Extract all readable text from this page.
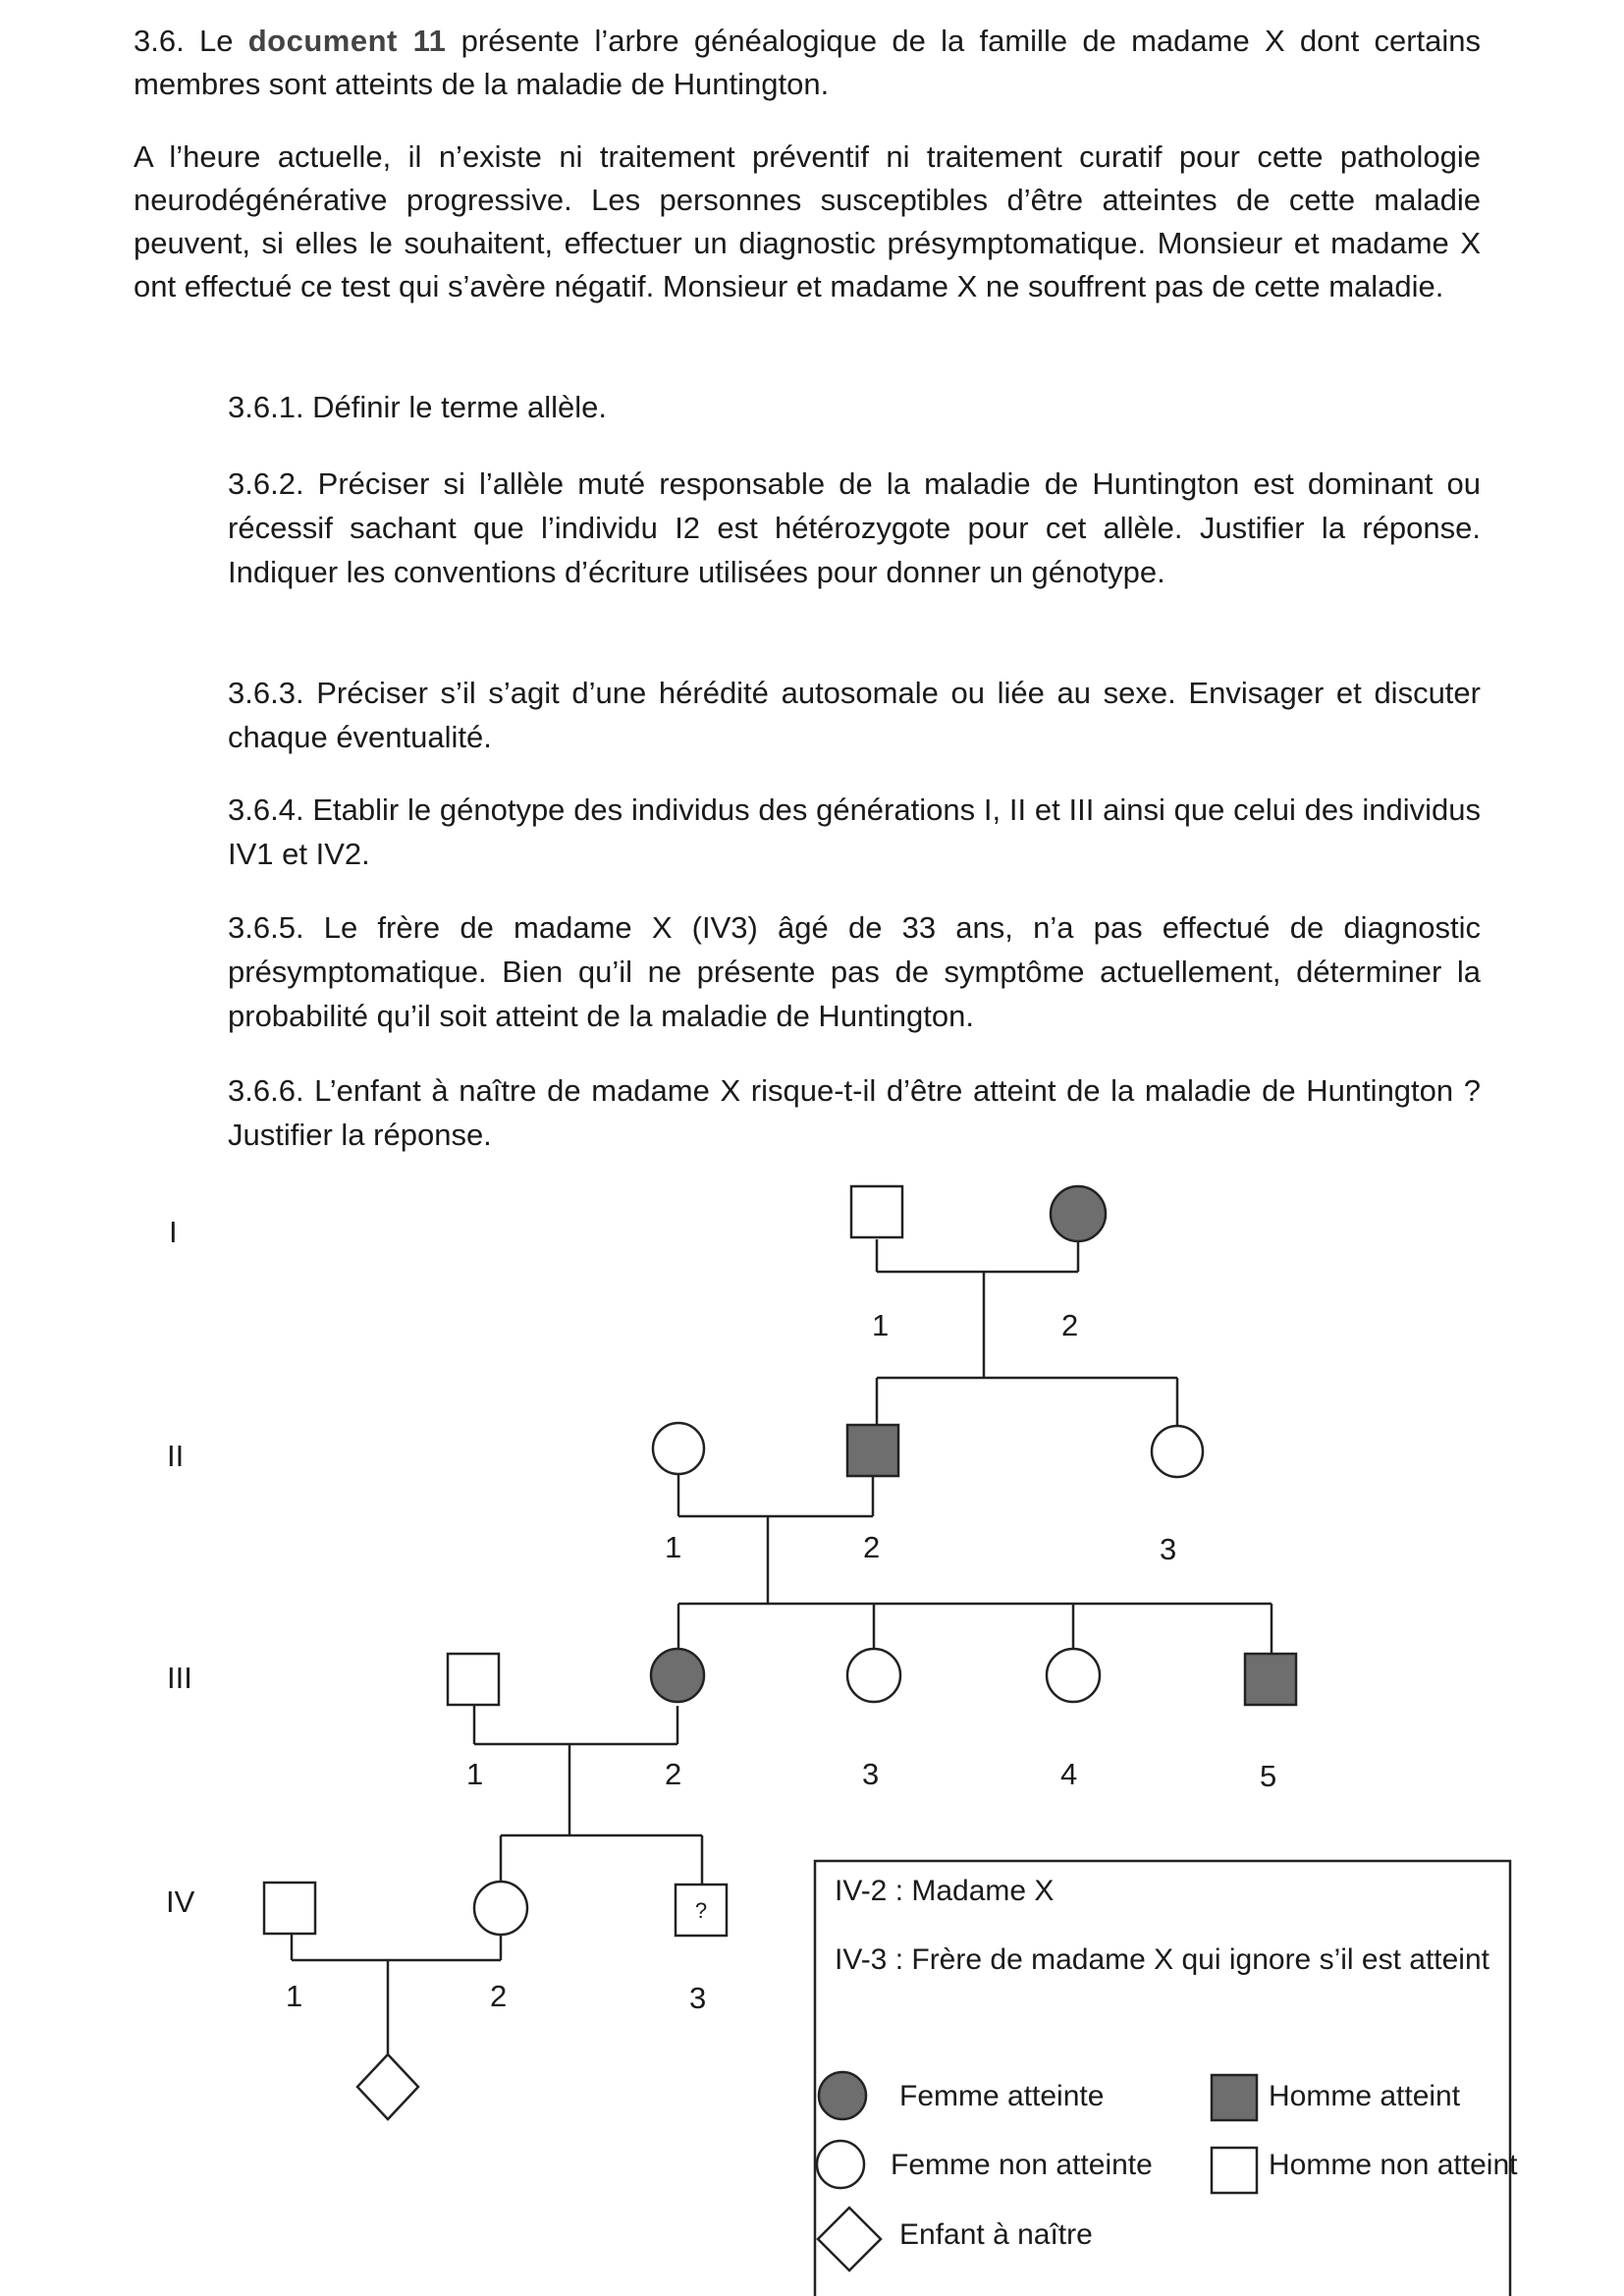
3.6. Le document 11 présente l’arbre généalogique de la famille de madame X dont certains membres sont atteints de la maladie de Huntington.

A l’heure actuelle, il n’existe ni traitement préventif ni traitement curatif pour cette pathologie neurodégénérative progressive. Les personnes susceptibles d’être atteintes de cette maladie peuvent, si elles le souhaitent, effectuer un diagnostic présymptomatique. Monsieur et madame X ont effectué ce test qui s’avère négatif. Monsieur et madame X ne souffrent pas de cette maladie.

3.6.1. Définir le terme allèle.
3.6.2. Préciser si l’allèle muté responsable de la maladie de Huntington est dominant ou récessif sachant que l’individu I2 est hétérozygote pour cet allèle. Justifier la réponse. Indiquer les conventions d’écriture utilisées pour donner un génotype.
3.6.3. Préciser s’il s’agit d’une hérédité autosomale ou liée au sexe. Envisager et discuter chaque éventualité.
3.6.4. Etablir le génotype des individus des générations I, II et III ainsi que celui des individus IV1 et IV2.
3.6.5. Le frère de madame X (IV3) âgé de 33 ans, n’a pas effectué de diagnostic présymptomatique. Bien qu’il ne présente pas de symptôme actuellement, déterminer la probabilité qu’il soit atteint de la maladie de Huntington.
3.6.6. L’enfant à naître de madame X risque-t-il d’être atteint de la maladie de Huntington ? Justifier la réponse.
I
II
III
IV
1	2
1	2	3
1	2	3	4	5
?
1	2	3
IV-2 : Madame X
IV-3 : Frère de madame X qui ignore s’il est atteint
Femme atteinte	Homme atteint
Femme non atteinte	Homme non atteint
Enfant à naître
